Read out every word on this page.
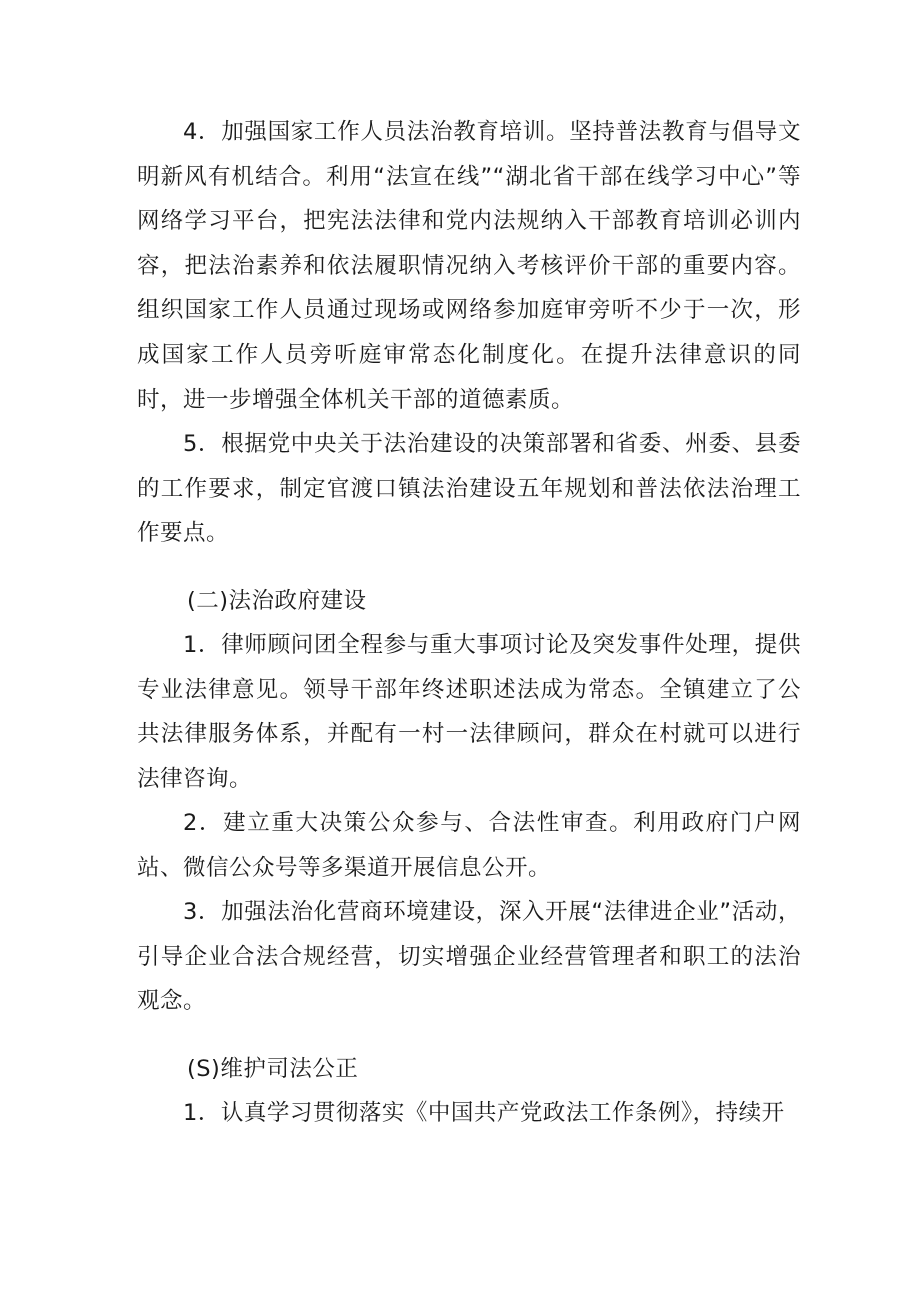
4．加强国家工作人员法治教育培训。坚持普法教育与倡导文明新风有机结合。利用“法宣在线”“湖北省干部在线学习中心”等网络学习平台，把宪法法律和党内法规纳入干部教育培训必训内容，把法治素养和依法履职情况纳入考核评价干部的重要内容。组织国家工作人员通过现场或网络参加庭审旁听不少于一次，形成国家工作人员旁听庭审常态化制度化。在提升法律意识的同时，进一步增强全体机关干部的道德素质。

5．根据党中央关于法治建设的决策部署和省委、州委、县委的工作要求，制定官渡口镇法治建设五年规划和普法依法治理工作要点。

(二)法治政府建设

1．律师顾问团全程参与重大事项讨论及突发事件处理，提供专业法律意见。领导干部年终述职述法成为常态。全镇建立了公共法律服务体系，并配有一村一法律顾问，群众在村就可以进行法律咨询。

2．建立重大决策公众参与、合法性审查。利用政府门户网站、微信公众号等多渠道开展信息公开。

3．加强法治化营商环境建设，深入开展“法律进企业”活动，引导企业合法合规经营，切实增强企业经营管理者和职工的法治观念。

(S)维护司法公正

1．认真学习贯彻落实《中国共产党政法工作条例》，持续开
